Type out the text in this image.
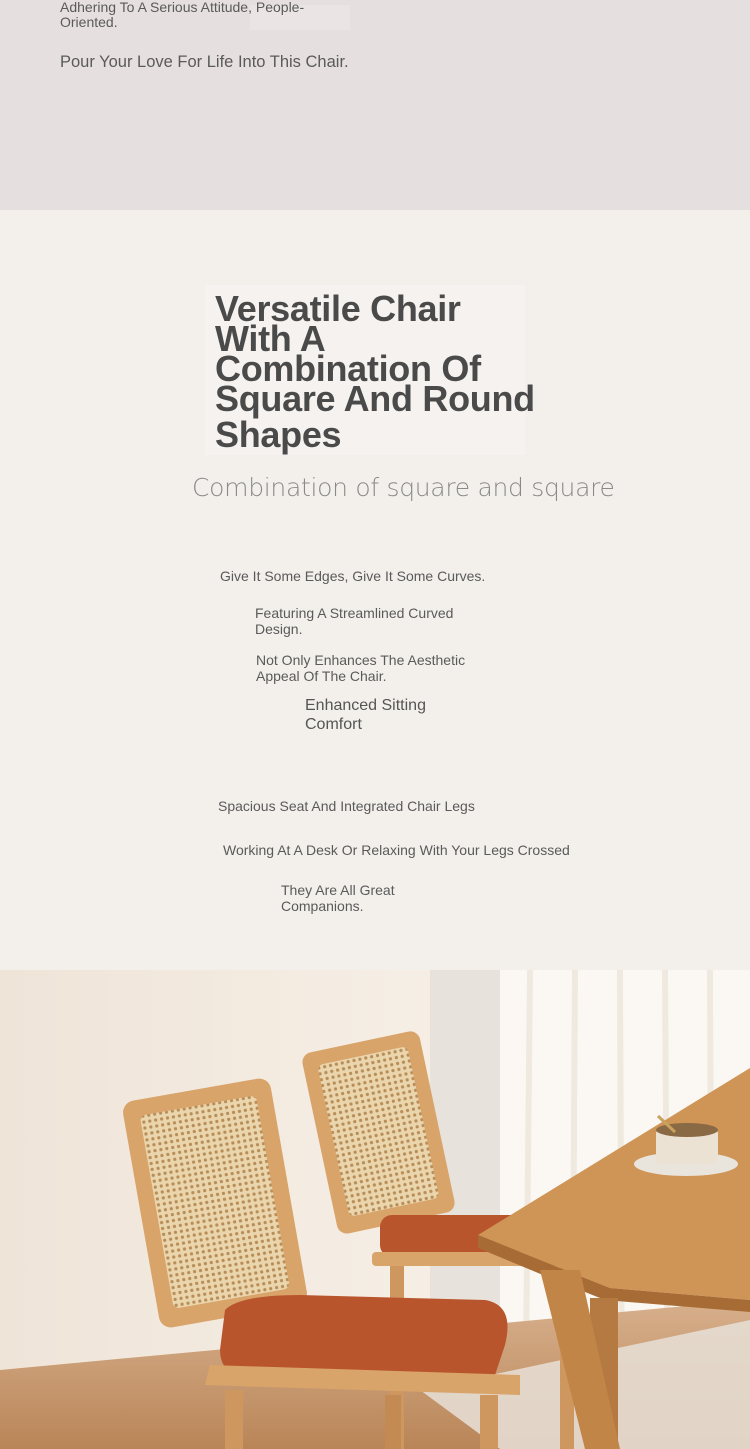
Adhering To A Serious Attitude, People-Oriented.
Pour Your Love For Life Into This Chair.
Versatile Chair With A Combination Of Square And Round
Shapes
Combination of square and square
Give It Some Edges, Give It Some Curves.
Featuring A Streamlined Curved Design.
Not Only Enhances The Aesthetic Appeal Of The Chair.
Enhanced Sitting Comfort
Spacious Seat And Integrated Chair Legs
Working At A Desk Or Relaxing With Your Legs Crossed
They Are All Great Companions.
